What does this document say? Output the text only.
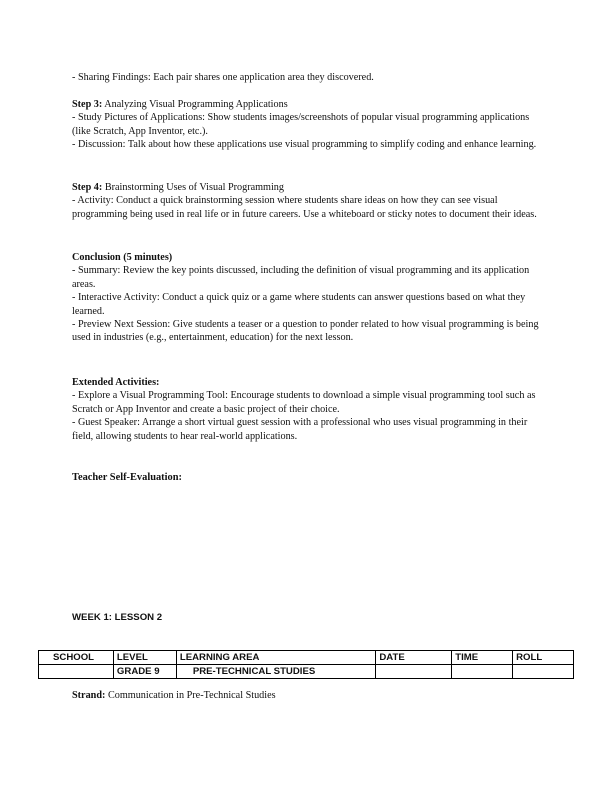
- Sharing Findings: Each pair shares one application area they discovered.

Step 3: Analyzing Visual Programming Applications
- Study Pictures of Applications: Show students images/screenshots of popular visual programming applications (like Scratch, App Inventor, etc.).
- Discussion: Talk about how these applications use visual programming to simplify coding and enhance learning.

Step 4: Brainstorming Uses of Visual Programming
- Activity: Conduct a quick brainstorming session where students share ideas on how they can see visual programming being used in real life or in future careers. Use a whiteboard or sticky notes to document their ideas.

Conclusion (5 minutes)
- Summary: Review the key points discussed, including the definition of visual programming and its application areas.
- Interactive Activity: Conduct a quick quiz or a game where students can answer questions based on what they learned.
- Preview Next Session: Give students a teaser or a question to ponder related to how visual programming is being used in industries (e.g., entertainment, education) for the next lesson.

Extended Activities:
- Explore a Visual Programming Tool: Encourage students to download a simple visual programming tool such as Scratch or App Inventor and create a basic project of their choice.
- Guest Speaker: Arrange a short virtual guest session with a professional who uses visual programming in their field, allowing students to hear real-world applications.

Teacher Self-Evaluation:

WEEK 1: LESSON 2
SCHOOL	LEVEL	LEARNING AREA	DATE	TIME	ROLL
	GRADE 9	PRE-TECHNICAL STUDIES			
Strand: Communication in Pre-Technical Studies
